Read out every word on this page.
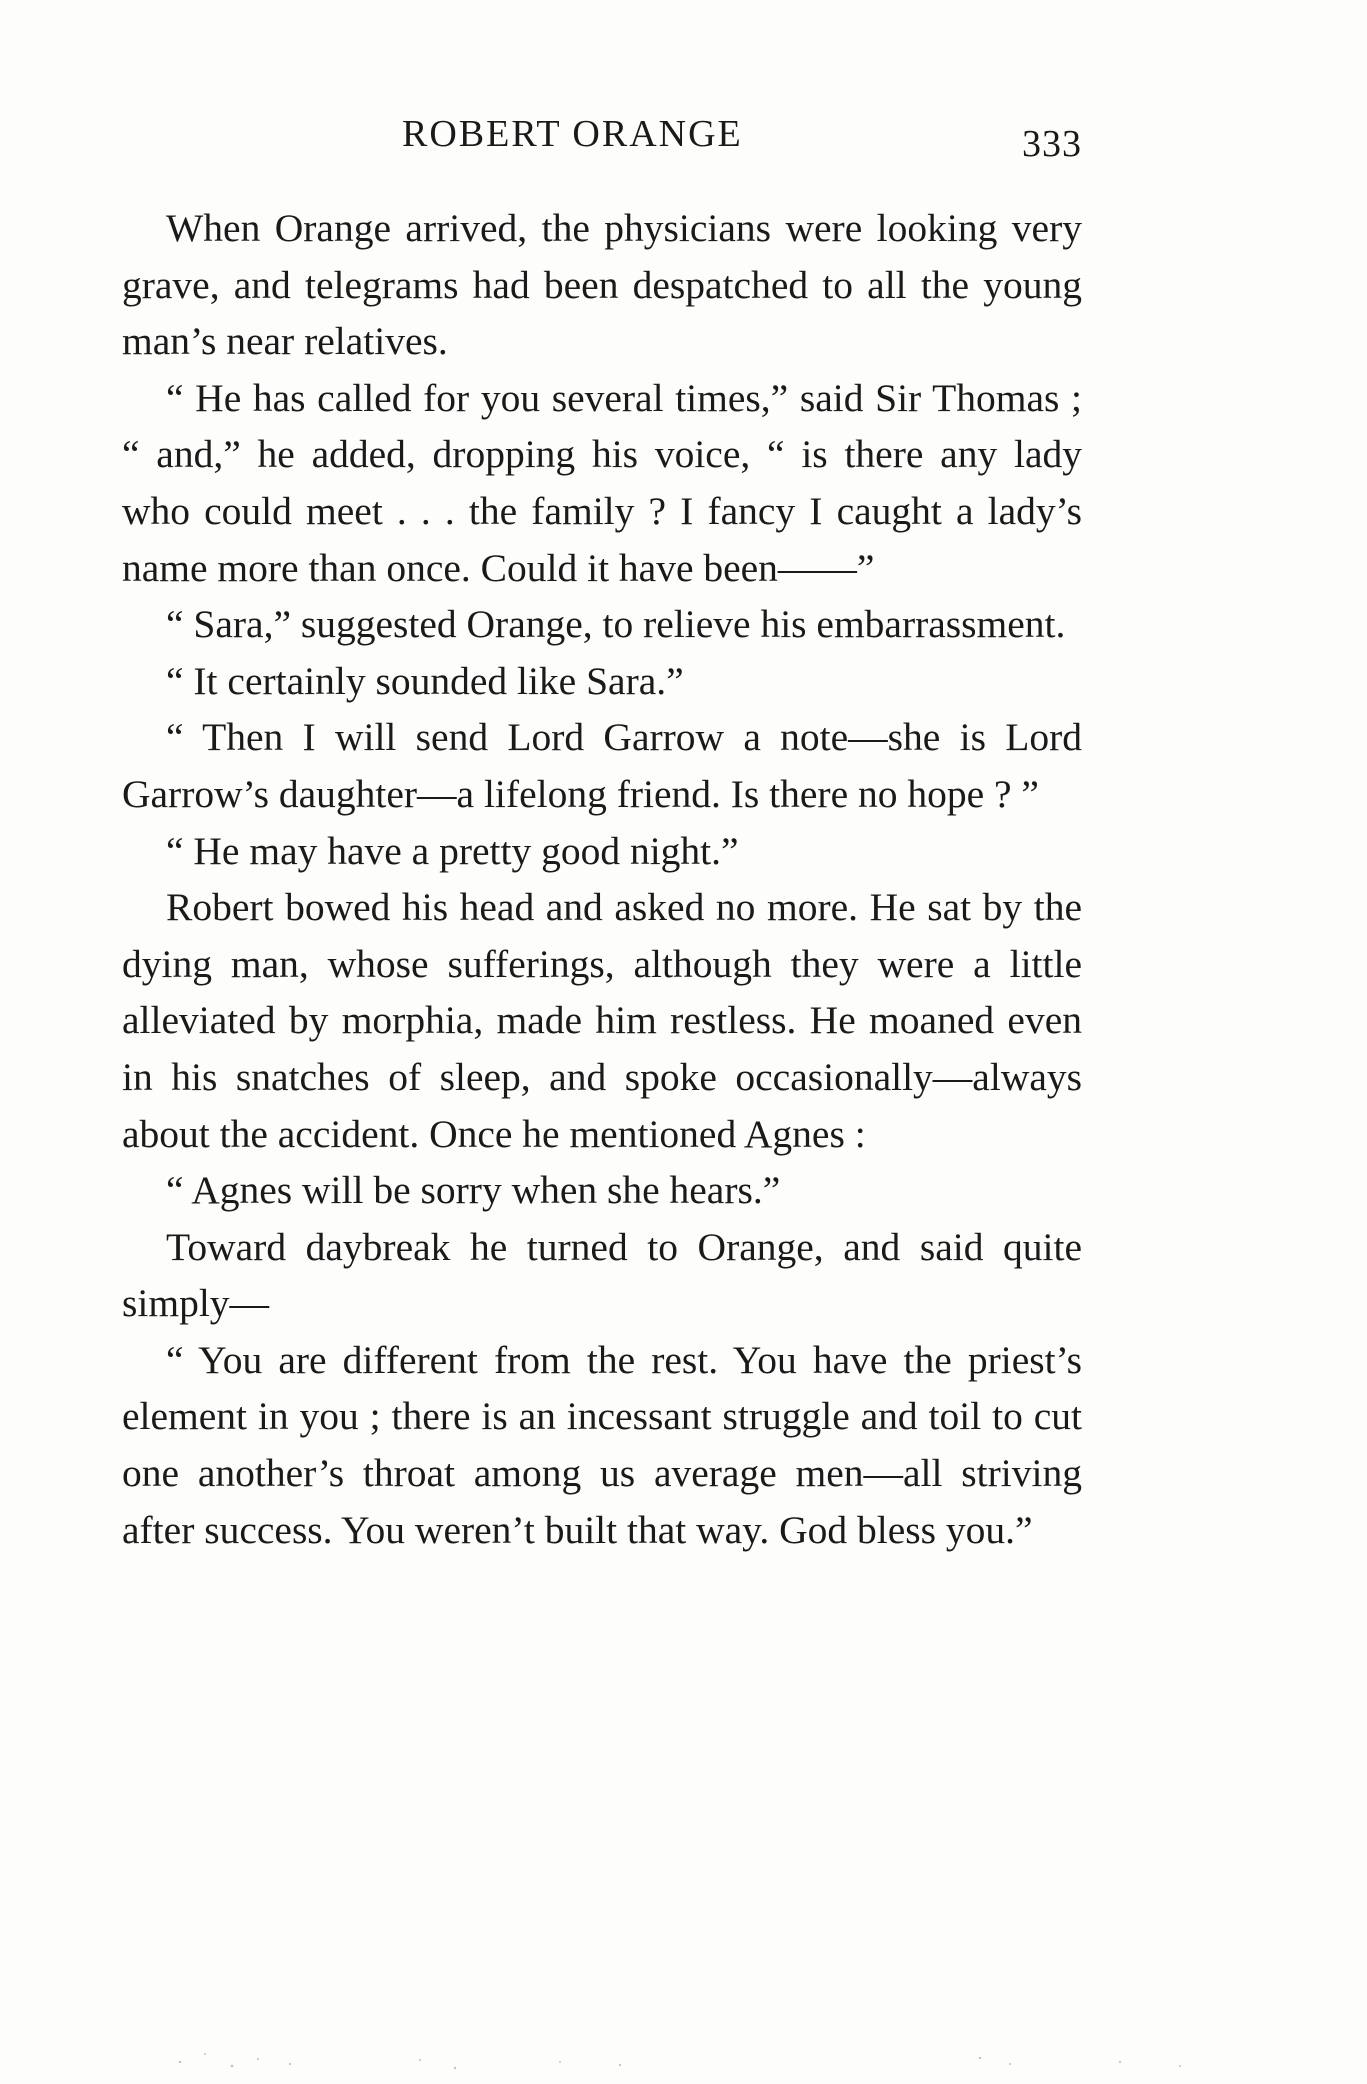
ROBERT ORANGE	333

When Orange arrived, the physicians were looking very grave, and telegrams had been despatched to all the young man’s near relatives.

“ He has called for you several times,” said Sir Thomas ; “ and,” he added, dropping his voice, “ is there any lady who could meet . . . the family ? I fancy I caught a lady’s name more than once. Could it have been——”

“ Sara,” suggested Orange, to relieve his embarrassment.

“ It certainly sounded like Sara.”

“ Then I will send Lord Garrow a note—she is Lord Garrow’s daughter—a lifelong friend. Is there no hope ? ”

“ He may have a pretty good night.”

Robert bowed his head and asked no more. He sat by the dying man, whose sufferings, although they were a little alleviated by morphia, made him restless. He moaned even in his snatches of sleep, and spoke occasionally—always about the accident. Once he mentioned Agnes :

“ Agnes will be sorry when she hears.”

Toward daybreak he turned to Orange, and said quite simply—

“ You are different from the rest. You have the priest’s element in you ; there is an incessant struggle and toil to cut one another’s throat among us average men—all striving after success. You weren’t built that way. God bless you.”
